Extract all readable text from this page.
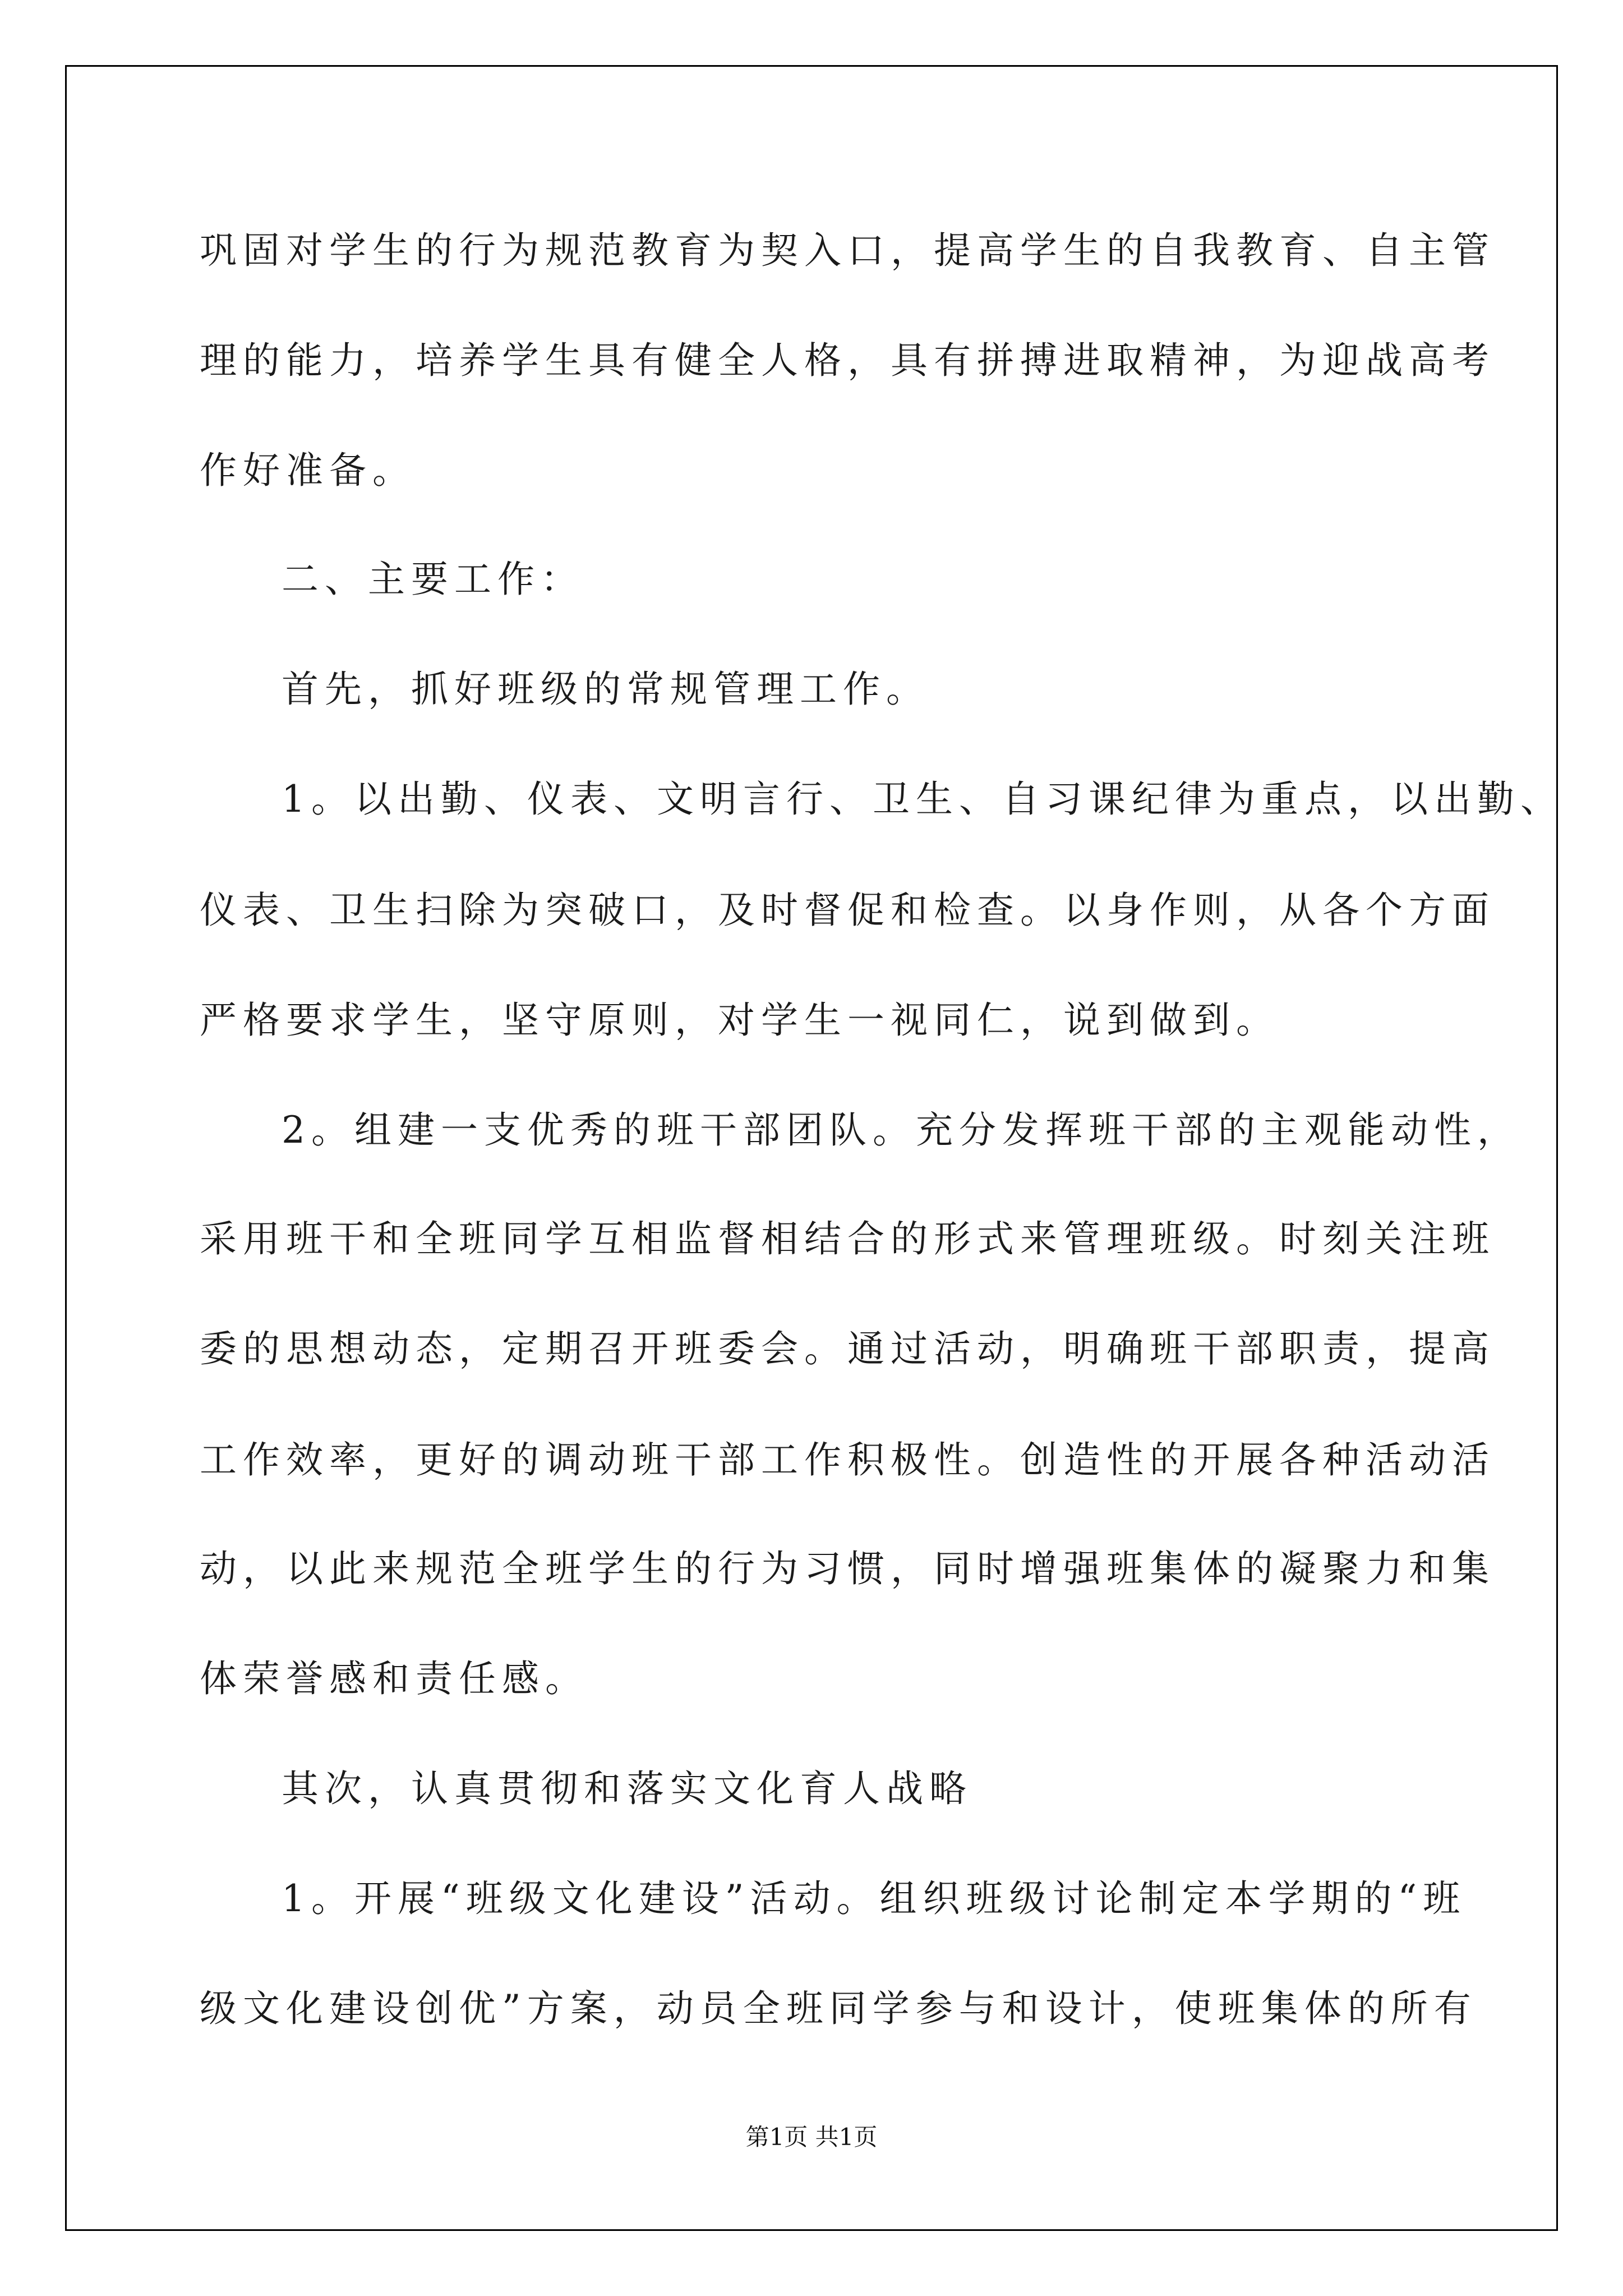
巩固对学生的行为规范教育为契入口，提高学生的自我教育、自主管
理的能力，培养学生具有健全人格，具有拼搏进取精神，为迎战高考
作好准备。
二、主要工作：
首先，抓好班级的常规管理工作。
1。以出勤、仪表、文明言行、卫生、自习课纪律为重点，以出勤、
仪表、卫生扫除为突破口，及时督促和检查。以身作则，从各个方面
严格要求学生，坚守原则，对学生一视同仁，说到做到。
2。组建一支优秀的班干部团队。充分发挥班干部的主观能动性，
采用班干和全班同学互相监督相结合的形式来管理班级。时刻关注班
委的思想动态，定期召开班委会。通过活动，明确班干部职责，提高
工作效率，更好的调动班干部工作积极性。创造性的开展各种活动活
动，以此来规范全班学生的行为习惯，同时增强班集体的凝聚力和集
体荣誉感和责任感。
其次，认真贯彻和落实文化育人战略
1。开展“班级文化建设”活动。组织班级讨论制定本学期的“班
级文化建设创优”方案，动员全班同学参与和设计，使班集体的所有
第1页 共1页
